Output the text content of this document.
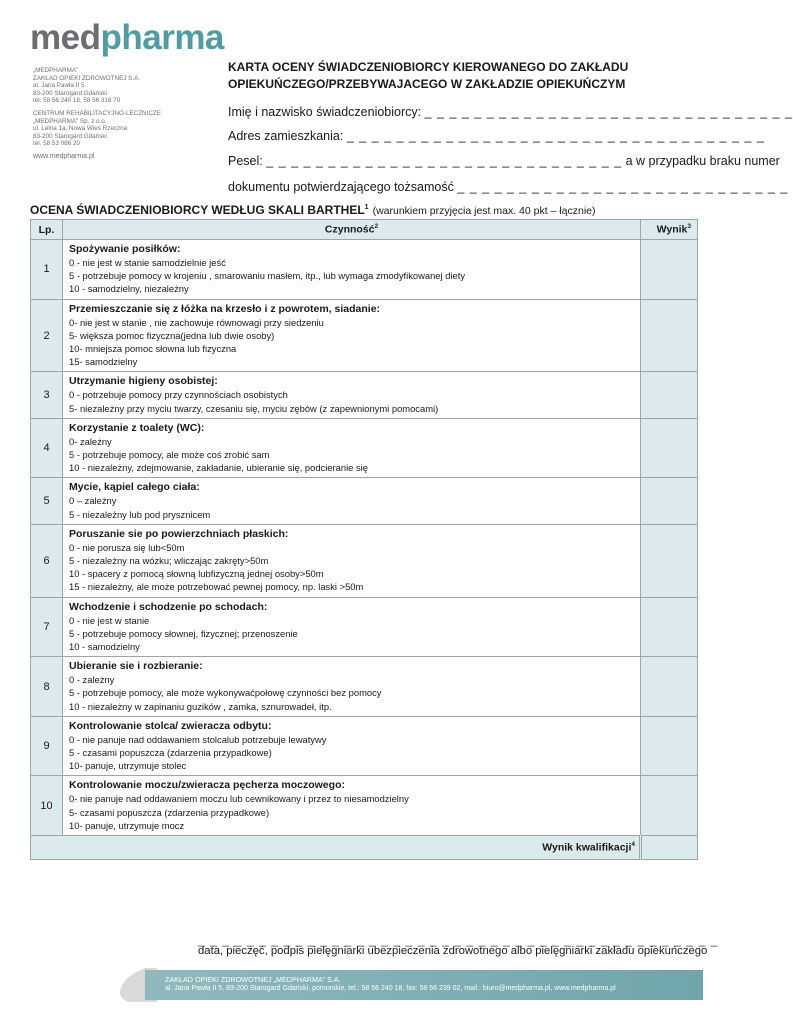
medpharma
„MEDPHARMA”
ZAKŁAD OPIEKI ZDROWOTNEJ S.A.
al. Jana Pawła II 5
83-200 Starogard Gdański
tel. 58 56 240 18, 58 56 316 70
CENTRUM REHABILITACYJNO-LECZNICZE
„MEDPHARMA” Sp. z o.o.
ul. Lelna 1a, Nowa Wieś Rzeczna
83-200 Starogard Gdański
tel. 58 53 086 20
www.medpharma.pl
KARTA OCENY ŚWIADCZENIOBIORCY KIEROWANEGO DO ZAKŁADU
OPIEKUŃCZEGO/PRZEBYWAJACEGO W ZAKŁADZIE OPIEKUŃCZYM
Imię i nazwisko świadczeniobiorcy: _ _ _ _ _ _ _ _ _ _ _ _ _ _ _ _ _ _ _ _ _ _ _ _ _ _ _ _ _ _
Adres zamieszkania: _ _ _ _ _ _ _ _ _ _ _ _ _ _ _ _ _ _ _ _ _ _ _ _ _ _ _ _ _ _ _ _ _ _
Pesel: _ _ _ _ _ _ _ _ _ _ _ _ _ _ _ _ _ _ _ _ _ _ _ _ _ _ _ _ _ a w przypadku braku numer
dokumentu potwierdzającego tożsamość _ _ _ _ _ _ _ _ _ _ _ _ _ _ _ _ _ _ _ _ _ _ _ _ _ _ _
OCENA ŚWIADCZENIOBIORCY WEDŁUG SKALI BARTHEL$^1$ (warunkiem przyjęcia jest max. 40 pkt – łącznie)
Lp.	Czynność$^2$	Wynik$^3$
1	Spożywanie posiłków:
0 - nie jest w stanie samodzielnie jeść
5 - potrzebuje pomocy w krojeniu , smarowaniu masłem, itp., lub wymaga zmodyfikowanej diety
10 - samodzielny, niezależny	

2	Przemieszczanie się z łóżka na krzesło i z powrotem, siadanie:
0- nie jest w stanie , nie zachowuje równowagi przy siedzeniu
5- większa pomoc fizyczna(jedna lub dwie osoby)
10- mniejsza pomoc słowna lub fizyczna
15- samodzielny	

3	Utrzymanie higieny osobistej:
0 - potrzebuje pomocy przy czynnościach osobistych
5- niezależny przy myciu twarzy, czesaniu się, myciu zębów (z zapewnionymi pomocami)	

4	Korzystanie z toalety (WC):
0- zależny
5 - potrzebuje pomocy, ale może coś zrobić sam
10 - niezależny, zdejmowanie, zakładanie, ubieranie się, podcieranie się	

5	Mycie, kąpiel całego ciała:
0 – zależny
5 - niezależny lub pod prysznicem	

6	Poruszanie sie po powierzchniach płaskich:
0 - nie porusza się lub<50m
5 - niezależny na wózku; wliczając zakręty>50m
10 - spacery z pomocą słowną lubfizyczną jednej osoby>50m
15 - niezależny, ale może potrzebować pewnej pomocy, np. laski >50m	

7	Wchodzenie i schodzenie po schodach:
0 - nie jest w stanie
5 - potrzebuje pomocy słownej, fizycznej; przenoszenie
10 - samodzielny	

8	Ubieranie sie i rozbieranie:
0 - zależny
5 - potrzebuje pomocy, ale może wykonywaćpołowę czynności bez pomocy
10 - niezależny w zapinaniu guzików , zamka, sznurowadeł, itp.	

9	Kontrolowanie stolca/ zwieracza odbytu:
0 - nie panuje nad oddawaniem stolcalub potrzebuje lewatywy
5 - czasami popuszcza (zdarzenia przypadkowe)
10- panuje, utrzymuje stolec	

10	Kontrolowanie moczu/zwieracza pęcherza moczowego:
0- nie panuje nad oddawaniem moczu lub cewnikowany i przez to niesamodzielny
5- czasami popuszcza (zdarzenia przypadkowe)
10- panuje, utrzymuje mocz	

Wynik kwalifikacji$^4$	
_ _ _ _ _ _ _ _ _ _ _ _ _ _ _ _ _ _ _ _ _ _ _ _ _ _ _ _ _ _ _ _ _ _ _ _ _ _ _ _ _ _ _
data, pieczęć, podpis pielęgniarki ubezpieczenia zdrowotnego albo pielęgniarki zakładu opiekuńczego
ZAKŁAD OPIEKI ZDROWOTNEJ „MEDPHARMA” S.A.
al. Jana Pawła II 5, 83-200 Starogard Gdański, pomorskie, tel.: 58 56 240 18, fax: 58 56 239 02, mail.: biuro@medpharma.pl, www.medpharma.pl
